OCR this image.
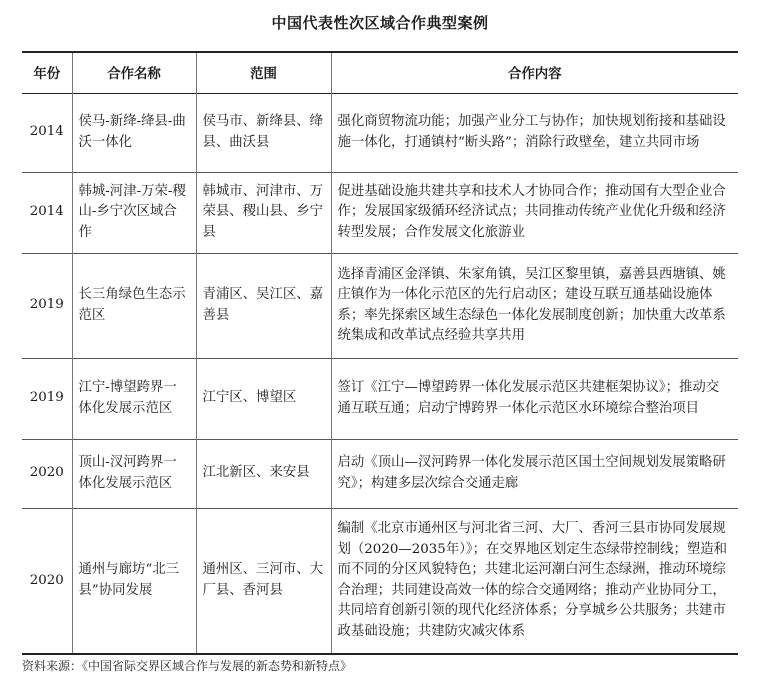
中国代表性次区域合作典型案例
年份	合作名称	范围	合作内容
2014	侯马-新绛-绛县-曲沃一体化	侯马市、新绛县、绛县、曲沃县	强化商贸物流功能；加强产业分工与协作；加快规划衔接和基础设施一体化，打通镇村“断头路”；消除行政壁垒，建立共同市场
2014	韩城-河津-万荣-稷山-乡宁次区域合作	韩城市、河津市、万荣县、稷山县、乡宁县	促进基础设施共建共享和技术人才协同合作；推动国有大型企业合作；发展国家级循环经济试点；共同推动传统产业优化升级和经济转型发展；合作发展文化旅游业
2019	长三角绿色生态示范区	青浦区、吴江区、嘉善县	选择青浦区金泽镇、朱家角镇，吴江区黎里镇，嘉善县西塘镇、姚庄镇作为一体化示范区的先行启动区；建设互联互通基础设施体系；率先探索区域生态绿色一体化发展制度创新；加快重大改革系统集成和改革试点经验共享共用
2019	江宁-博望跨界一体化发展示范区	江宁区、博望区	签订《江宁—博望跨界一体化发展示范区共建框架协议》；推动交通互联互通；启动宁博跨界一体化示范区水环境综合整治项目
2020	顶山-汊河跨界一体化发展示范区	江北新区、来安县	启动《顶山—汊河跨界一体化发展示范区国土空间规划发展策略研究》；构建多层次综合交通走廊
2020	通州与廊坊“北三县”协同发展	通州区、三河市、大厂县、香河县	编制《北京市通州区与河北省三河、大厂、香河三县市协同发展规划（2020—2035年）》；在交界地区划定生态绿带控制线；塑造和而不同的分区风貌特色；共建北运河潮白河生态绿洲，推动环境综合治理；共同建设高效一体的综合交通网络；推动产业协同分工，共同培育创新引领的现代化经济体系；分享城乡公共服务；共建市政基础设施；共建防灾减灾体系
资料来源：《中国省际交界区域合作与发展的新态势和新特点》
